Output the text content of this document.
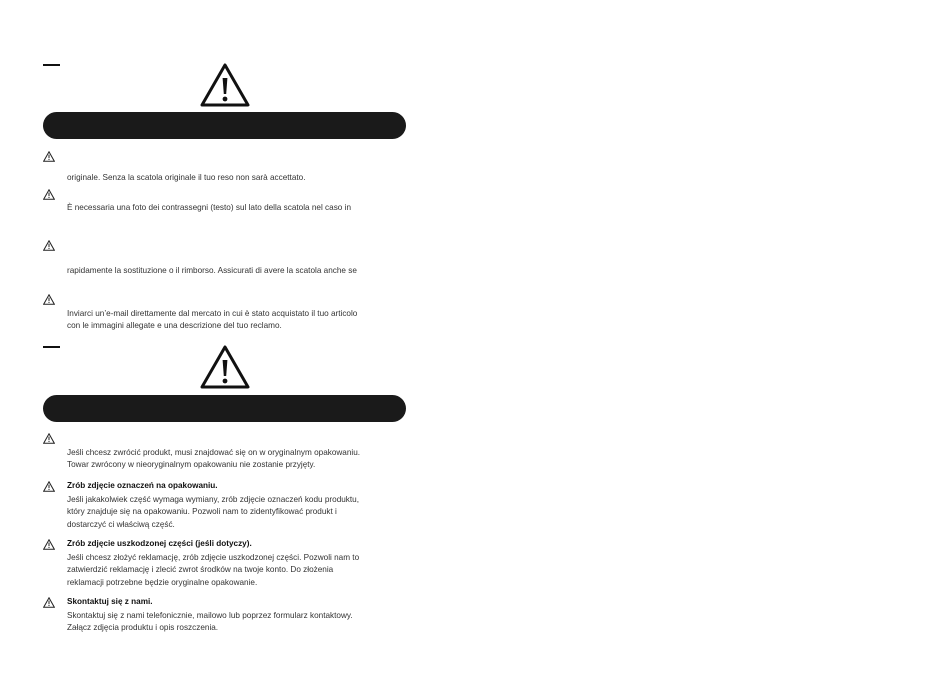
originale. Senza la scatola originale il tuo reso non sarà accettato.
È necessaria una foto dei contrassegni (testo) sul lato della scatola nel caso in
rapidamente la sostituzione o il rimborso. Assicurati di avere la scatola anche se
Inviarci un’e-mail direttamente dal mercato in cui è stato acquistato il tuo articolo
con le immagini allegate e una descrizione del tuo reclamo.
Jeśli chcesz zwrócić produkt, musi znajdować się on w oryginalnym opakowaniu.
Towar zwrócony w nieoryginalnym opakowaniu nie zostanie przyjęty.
Zrób zdjęcie oznaczeń na opakowaniu.
Jeśli jakakolwiek część wymaga wymiany, zrób zdjęcie oznaczeń kodu produktu,
który znajduje się na opakowaniu. Pozwoli nam to zidentyfikować produkt i
dostarczyć ci właściwą część.
Zrób zdjęcie uszkodzonej części (jeśli dotyczy).
Jeśli chcesz złożyć reklamację, zrób zdjęcie uszkodzonej części. Pozwoli nam to
zatwierdzić reklamację i zlecić zwrot środków na twoje konto. Do złożenia
reklamacji potrzebne będzie oryginalne opakowanie.
Skontaktuj się z nami.
Skontaktuj się z nami telefonicznie, mailowo lub poprzez formularz kontaktowy.
Załącz zdjęcia produktu i opis roszczenia.
